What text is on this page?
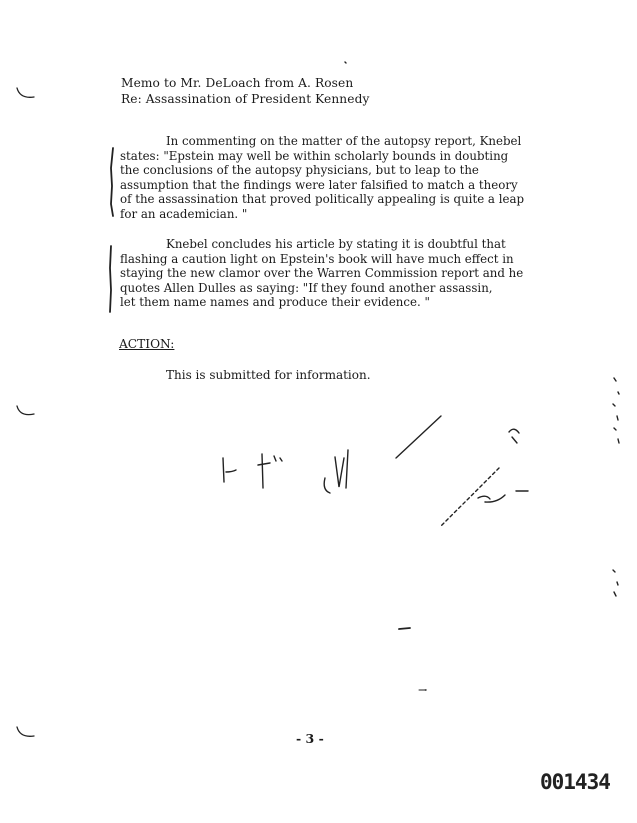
Memo to Mr. DeLoach from A. Rosen
Re: Assassination of President Kennedy

In commenting on the matter of the autopsy report, Knebel

states: "Epstein may well be within scholarly bounds in doubting

the conclusions of the autopsy physicians, but to leap to the

assumption that the findings were later falsified to match a theory

of the assassination that proved politically appealing is quite a leap

for an academician. "

Knebel concludes his article by stating it is doubtful that

flashing a caution light on Epstein's book will have much effect in

staying the new clamor over the Warren Commission report and he

quotes Allen Dulles as saying: "If they found another assassin,

let them name names and produce their evidence. "

ACTION:
This is submitted for information.
- 3 -
001434
